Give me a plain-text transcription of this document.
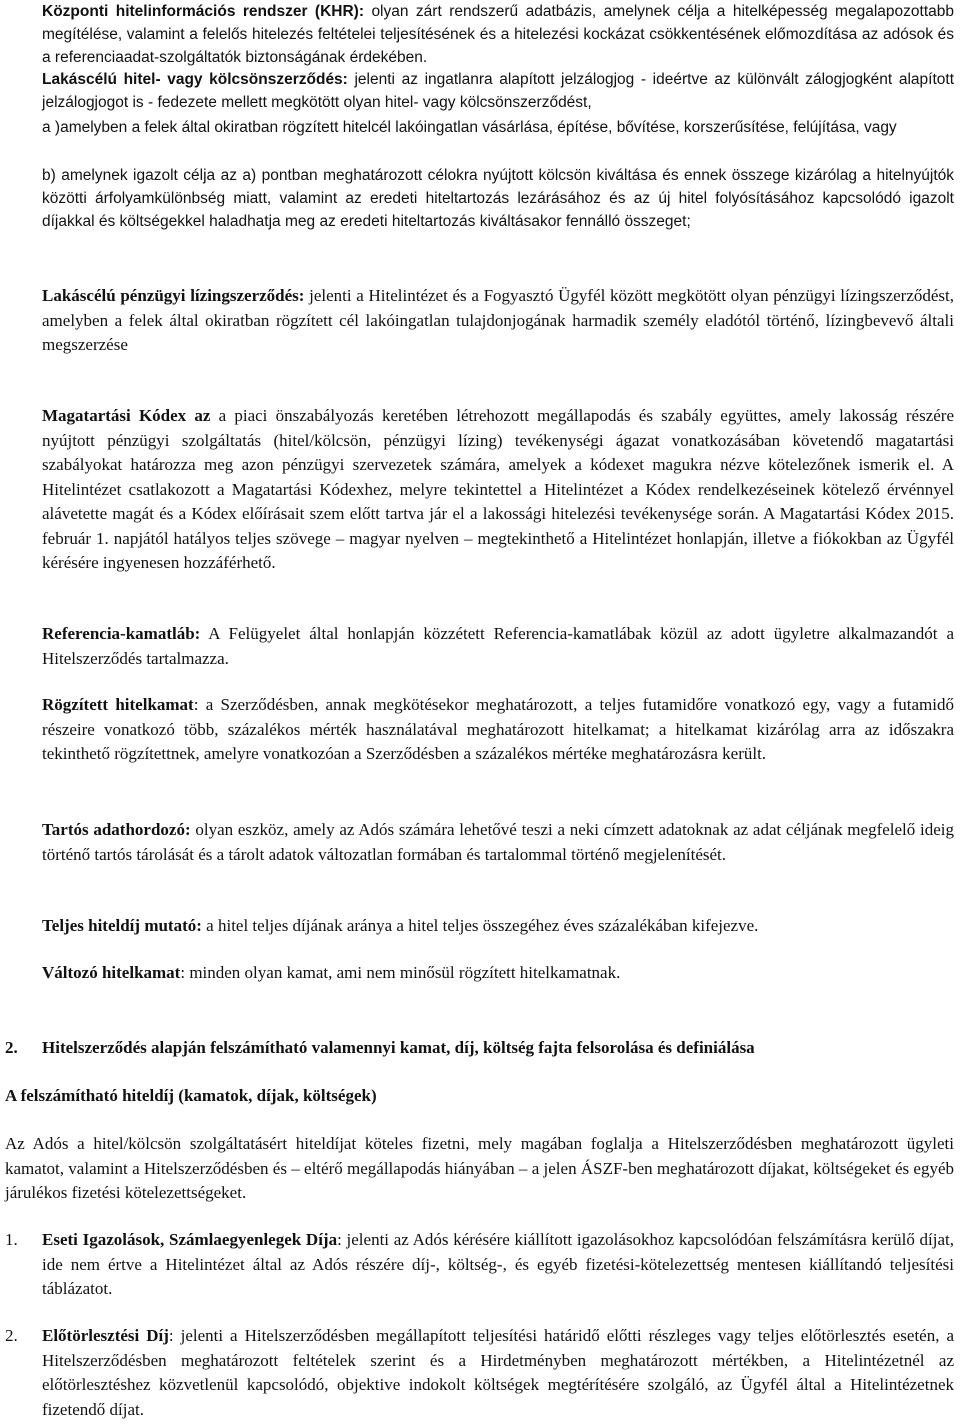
Központi hitelinformációs rendszer (KHR): olyan zárt rendszerű adatbázis, amelynek célja a hitelképesség megalapozottabb megítélése, valamint a felelős hitelezés feltételei teljesítésének és a hitelezési kockázat csökkentésének előmozdítása az adósok és a referenciaadat-szolgáltatók biztonságának érdekében.

Lakáscélú hitel- vagy kölcsönszerződés: jelenti az ingatlanra alapított jelzálogjog - ideértve az különvált zálogjogként alapított jelzálogjogot is - fedezete mellett megkötött olyan hitel- vagy kölcsönszerződést,

a )amelyben a felek által okiratban rögzített hitelcél lakóingatlan vásárlása, építése, bővítése, korszerűsítése, felújítása, vagy

b) amelynek igazolt célja az a) pontban meghatározott célokra nyújtott kölcsön kiváltása és ennek összege kizárólag a hitelnyújtók közötti árfolyamkülönbség miatt, valamint az eredeti hiteltartozás lezárásához és az új hitel folyósításához kapcsolódó igazolt díjakkal és költségekkel haladhatja meg az eredeti hiteltartozás kiváltásakor fennálló összeget;

Lakáscélú pénzügyi lízingszerződés: jelenti a Hitelintézet és a Fogyasztó Ügyfél között megkötött olyan pénzügyi lízingszerződést, amelyben a felek által okiratban rögzített cél lakóingatlan tulajdonjogának harmadik személy eladótól történő, lízingbevevő általi megszerzése

Magatartási Kódex az a piaci önszabályozás keretében létrehozott megállapodás és szabály együttes, amely lakosság részére nyújtott pénzügyi szolgáltatás (hitel/kölcsön, pénzügyi lízing) tevékenységi ágazat vonatkozásában követendő magatartási szabályokat határozza meg azon pénzügyi szervezetek számára, amelyek a kódexet magukra nézve kötelezőnek ismerik el. A Hitelintézet csatlakozott a Magatartási Kódexhez, melyre tekintettel a Hitelintézet a Kódex rendelkezéseinek kötelező érvénnyel alávetette magát és a Kódex előírásait szem előtt tartva jár el a lakossági hitelezési tevékenysége során. A Magatartási Kódex 2015. február 1. napjától hatályos teljes szövege – magyar nyelven – megtekinthető a Hitelintézet honlapján, illetve a fiókokban az Ügyfél kérésére ingyenesen hozzáférhető.

Referencia-kamatláb: A Felügyelet által honlapján közzétett Referencia-kamatlábak közül az adott ügyletre alkalmazandót a Hitelszerződés tartalmazza.

Rögzített hitelkamat: a Szerződésben, annak megkötésekor meghatározott, a teljes futamidőre vonatkozó egy, vagy a futamidő részeire vonatkozó több, százalékos mérték használatával meghatározott hitelkamat; a hitelkamat kizárólag arra az időszakra tekinthető rögzítettnek, amelyre vonatkozóan a Szerződésben a százalékos mértéke meghatározásra került.

Tartós adathordozó: olyan eszköz, amely az Adós számára lehetővé teszi a neki címzett adatoknak az adat céljának megfelelő ideig történő tartós tárolását és a tárolt adatok változatlan formában és tartalommal történő megjelenítését.

Teljes hiteldíj mutató: a hitel teljes díjának aránya a hitel teljes összegéhez éves százalékában kifejezve.

Változó hitelkamat: minden olyan kamat, ami nem minősül rögzített hitelkamatnak.

2. Hitelszerződés alapján felszámítható valamennyi kamat, díj, költség fajta felsorolása és definiálása

A felszámítható hiteldíj (kamatok, díjak, költségek)

Az Adós a hitel/kölcsön szolgáltatásért hiteldíjat köteles fizetni, mely magában foglalja a Hitelszerződésben meghatározott ügyleti kamatot, valamint a Hitelszerződésben és – eltérő megállapodás hiányában – a jelen ÁSZF-ben meghatározott díjakat, költségeket és egyéb járulékos fizetési kötelezettségeket.

1. Eseti Igazolások, Számlaegyenlegek Díja: jelenti az Adós kérésére kiállított igazolásokhoz kapcsolódóan felszámításra kerülő díjat, ide nem értve a Hitelintézet által az Adós részére díj-, költség-, és egyéb fizetési-kötelezettség mentesen kiállítandó teljesítési táblázatot.

2. Előtörlesztési Díj: jelenti a Hitelszerződésben megállapított teljesítési határidő előtti részleges vagy teljes előtörlesztés esetén, a Hitelszerződésben meghatározott feltételek szerint és a Hirdetményben meghatározott mértékben, a Hitelintézetnél az előtörlesztéshez közvetlenül kapcsolódó, objektive indokolt költségek megtérítésére szolgáló, az Ügyfél által a Hitelintézetnek fizetendő díjat.
